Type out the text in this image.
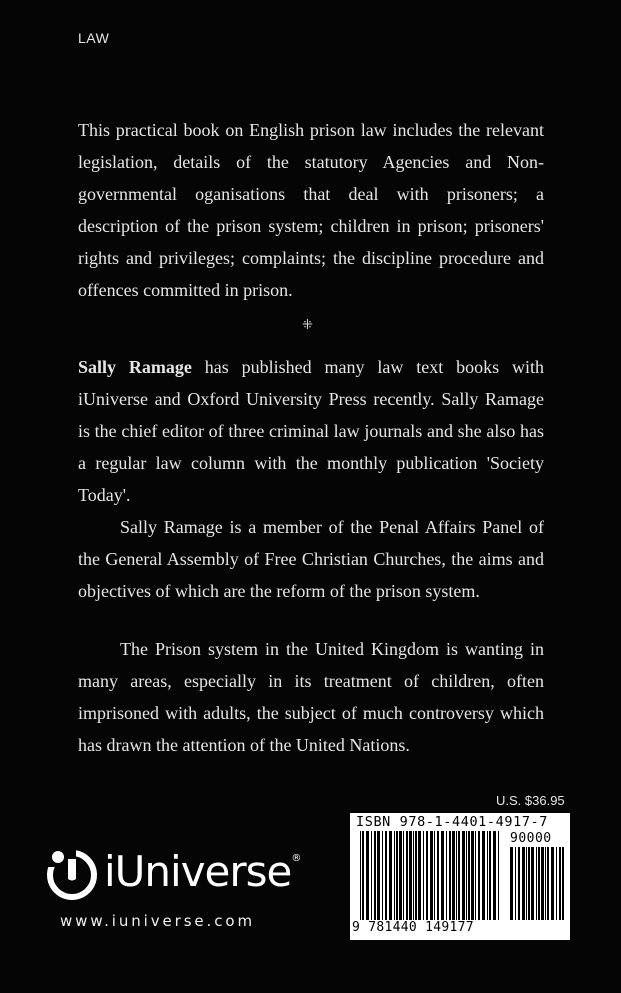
LAW

This practical book on English prison law includes the relevant legislation, details of the statutory Agencies and Non-governmental oganisations that deal with prisoners; a description of the prison system; children in prison; prisoners' rights and privileges; complaints; the discipline procedure and offences committed in prison.

⁜

Sally Ramage has published many law text books with iUniverse and Oxford University Press recently. Sally Ramage is the chief editor of three criminal law journals and she also has a regular law column with the monthly publication 'Society Today'.

Sally Ramage is a member of the Penal Affairs Panel of the General Assembly of Free Christian Churches, the aims and objectives of which are the reform of the prison system.

The Prison system in the United Kingdom is wanting in many areas, especially in its treatment of children, often imprisoned with adults, the subject of much controversy which has drawn the attention of the United Nations.

U.S. $36.95
ISBN 978-1-4401-4917-7
90000
9 781440 149177
iUniverse®
www.iuniverse.com
